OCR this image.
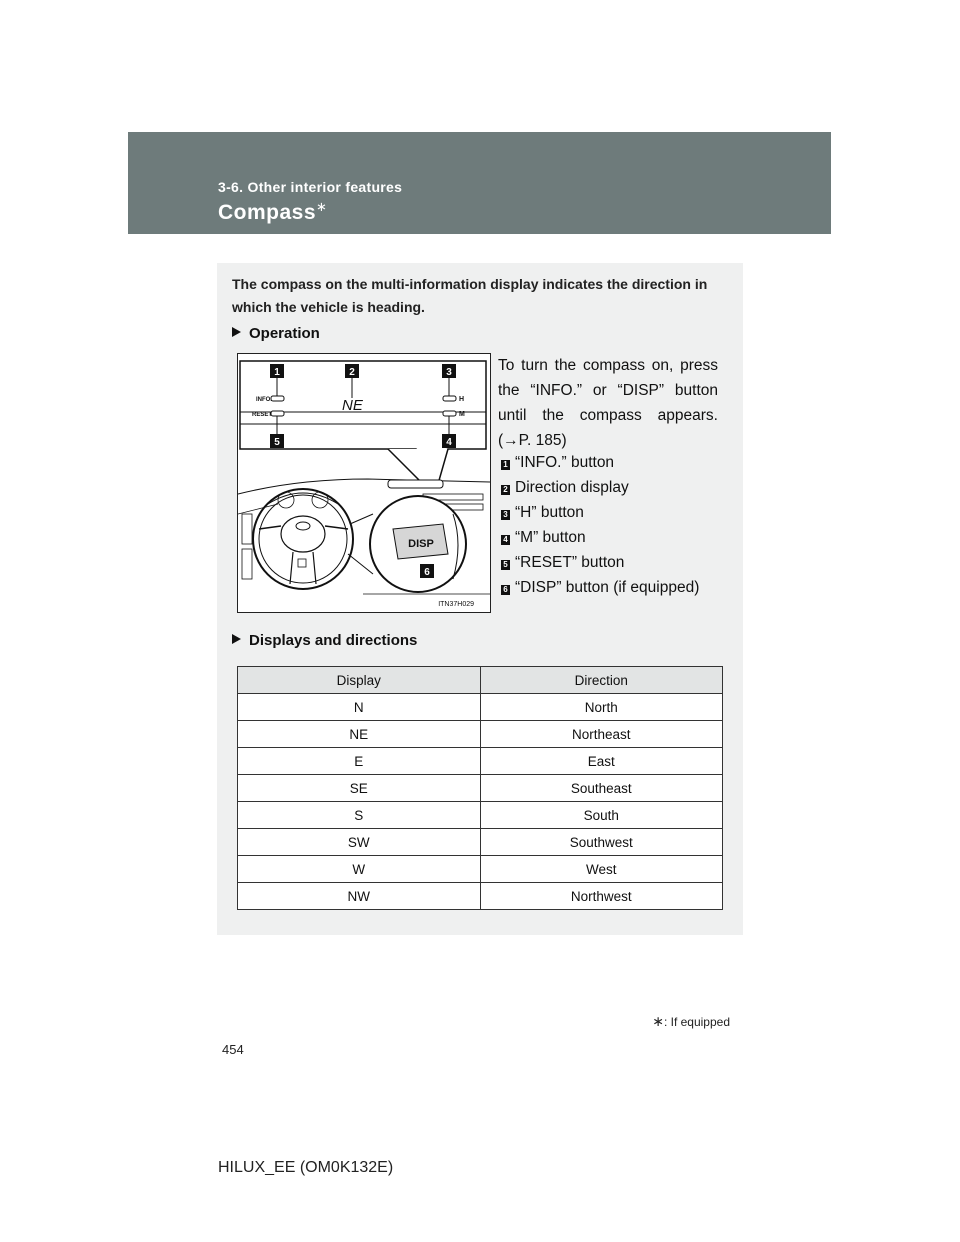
3-6. Other interior features
Compass∗
The compass on the multi-information display indicates the direction in which the vehicle is heading.
Operation
INFO.
RESET
H
M
NE
1	2	3
4
5
DISP
6
ITN37H029
To turn the compass on, press the “INFO.” or “DISP” button until the compass appears. (→P. 185)
1 “INFO.” button
2 Direction display
3 “H” button
4 “M” button
5 “RESET” button
6 “DISP” button (if equipped)
Displays and directions
Display	Direction
N	North
NE	Northeast
E	East
SE	Southeast
S	South
SW	Southwest
W	West
NW	Northwest
∗: If equipped
454
HILUX_EE (OM0K132E)
